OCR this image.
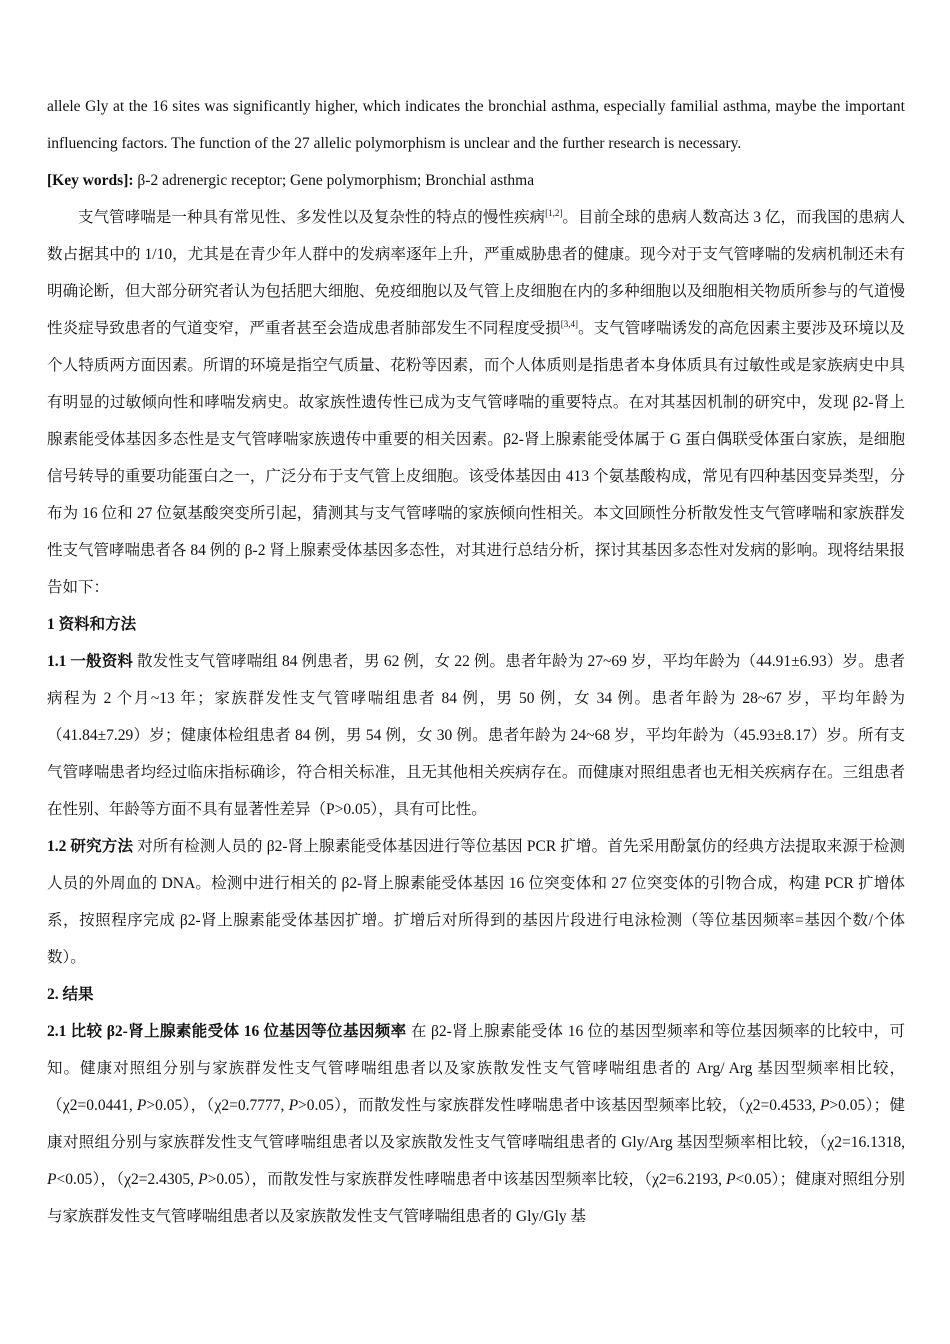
allele Gly at the 16 sites was significantly higher, which indicates the bronchial asthma, especially familial asthma, maybe the important influencing factors. The function of the 27 allelic polymorphism is unclear and the further research is necessary.

[Key words]: β-2 adrenergic receptor; Gene polymorphism; Bronchial asthma

支气管哮喘是一种具有常见性、多发性以及复杂性的特点的慢性疾病[1,2]。目前全球的患病人数高达 3 亿，而我国的患病人数占据其中的 1/10，尤其是在青少年人群中的发病率逐年上升，严重威胁患者的健康。现今对于支气管哮喘的发病机制还未有明确论断，但大部分研究者认为包括肥大细胞、免疫细胞以及气管上皮细胞在内的多种细胞以及细胞相关物质所参与的气道慢性炎症导致患者的气道变窄，严重者甚至会造成患者肺部发生不同程度受损[3,4]。支气管哮喘诱发的高危因素主要涉及环境以及个人特质两方面因素。所谓的环境是指空气质量、花粉等因素，而个人体质则是指患者本身体质具有过敏性或是家族病史中具有明显的过敏倾向性和哮喘发病史。故家族性遗传性已成为支气管哮喘的重要特点。在对其基因机制的研究中，发现 β2-肾上腺素能受体基因多态性是支气管哮喘家族遗传中重要的相关因素。β2-肾上腺素能受体属于 G 蛋白偶联受体蛋白家族，是细胞信号转导的重要功能蛋白之一，广泛分布于支气管上皮细胞。该受体基因由 413 个氨基酸构成，常见有四种基因变异类型，分布为 16 位和 27 位氨基酸突变所引起，猜测其与支气管哮喘的家族倾向性相关。本文回顾性分析散发性支气管哮喘和家族群发性支气管哮喘患者各 84 例的 β-2 肾上腺素受体基因多态性，对其进行总结分析，探讨其基因多态性对发病的影响。现将结果报告如下：

1 资料和方法

1.1 一般资料 散发性支气管哮喘组 84 例患者，男 62 例，女 22 例。患者年龄为 27~69 岁，平均年龄为（44.91±6.93）岁。患者病程为 2 个月~13 年；家族群发性支气管哮喘组患者 84 例，男 50 例，女 34 例。患者年龄为 28~67 岁，平均年龄为（41.84±7.29）岁；健康体检组患者 84 例，男 54 例，女 30 例。患者年龄为 24~68 岁，平均年龄为（45.93±8.17）岁。所有支气管哮喘患者均经过临床指标确诊，符合相关标准，且无其他相关疾病存在。而健康对照组患者也无相关疾病存在。三组患者在性别、年龄等方面不具有显著性差异（P>0.05），具有可比性。

1.2 研究方法 对所有检测人员的 β2-肾上腺素能受体基因进行等位基因 PCR 扩增。首先采用酚氯仿的经典方法提取来源于检测人员的外周血的 DNA。检测中进行相关的 β2-肾上腺素能受体基因 16 位突变体和 27 位突变体的引物合成，构建 PCR 扩增体系，按照程序完成 β2-肾上腺素能受体基因扩增。扩增后对所得到的基因片段进行电泳检测（等位基因频率=基因个数/个体数）。

2. 结果

2.1 比较 β2-肾上腺素能受体 16 位基因等位基因频率 在 β2-肾上腺素能受体 16 位的基因型频率和等位基因频率的比较中，可知。健康对照组分别与家族群发性支气管哮喘组患者以及家族散发性支气管哮喘组患者的 Arg/ Arg 基因型频率相比较，（χ2=0.0441, P>0.05），（χ2=0.7777, P>0.05），而散发性与家族群发性哮喘患者中该基因型频率比较，（χ2=0.4533, P>0.05）；健康对照组分别与家族群发性支气管哮喘组患者以及家族散发性支气管哮喘组患者的 Gly/Arg 基因型频率相比较，（χ2=16.1318, P<0.05），（χ2=2.4305, P>0.05），而散发性与家族群发性哮喘患者中该基因型频率比较，（χ2=6.2193, P<0.05）；健康对照组分别与家族群发性支气管哮喘组患者以及家族散发性支气管哮喘组患者的 Gly/Gly 基
